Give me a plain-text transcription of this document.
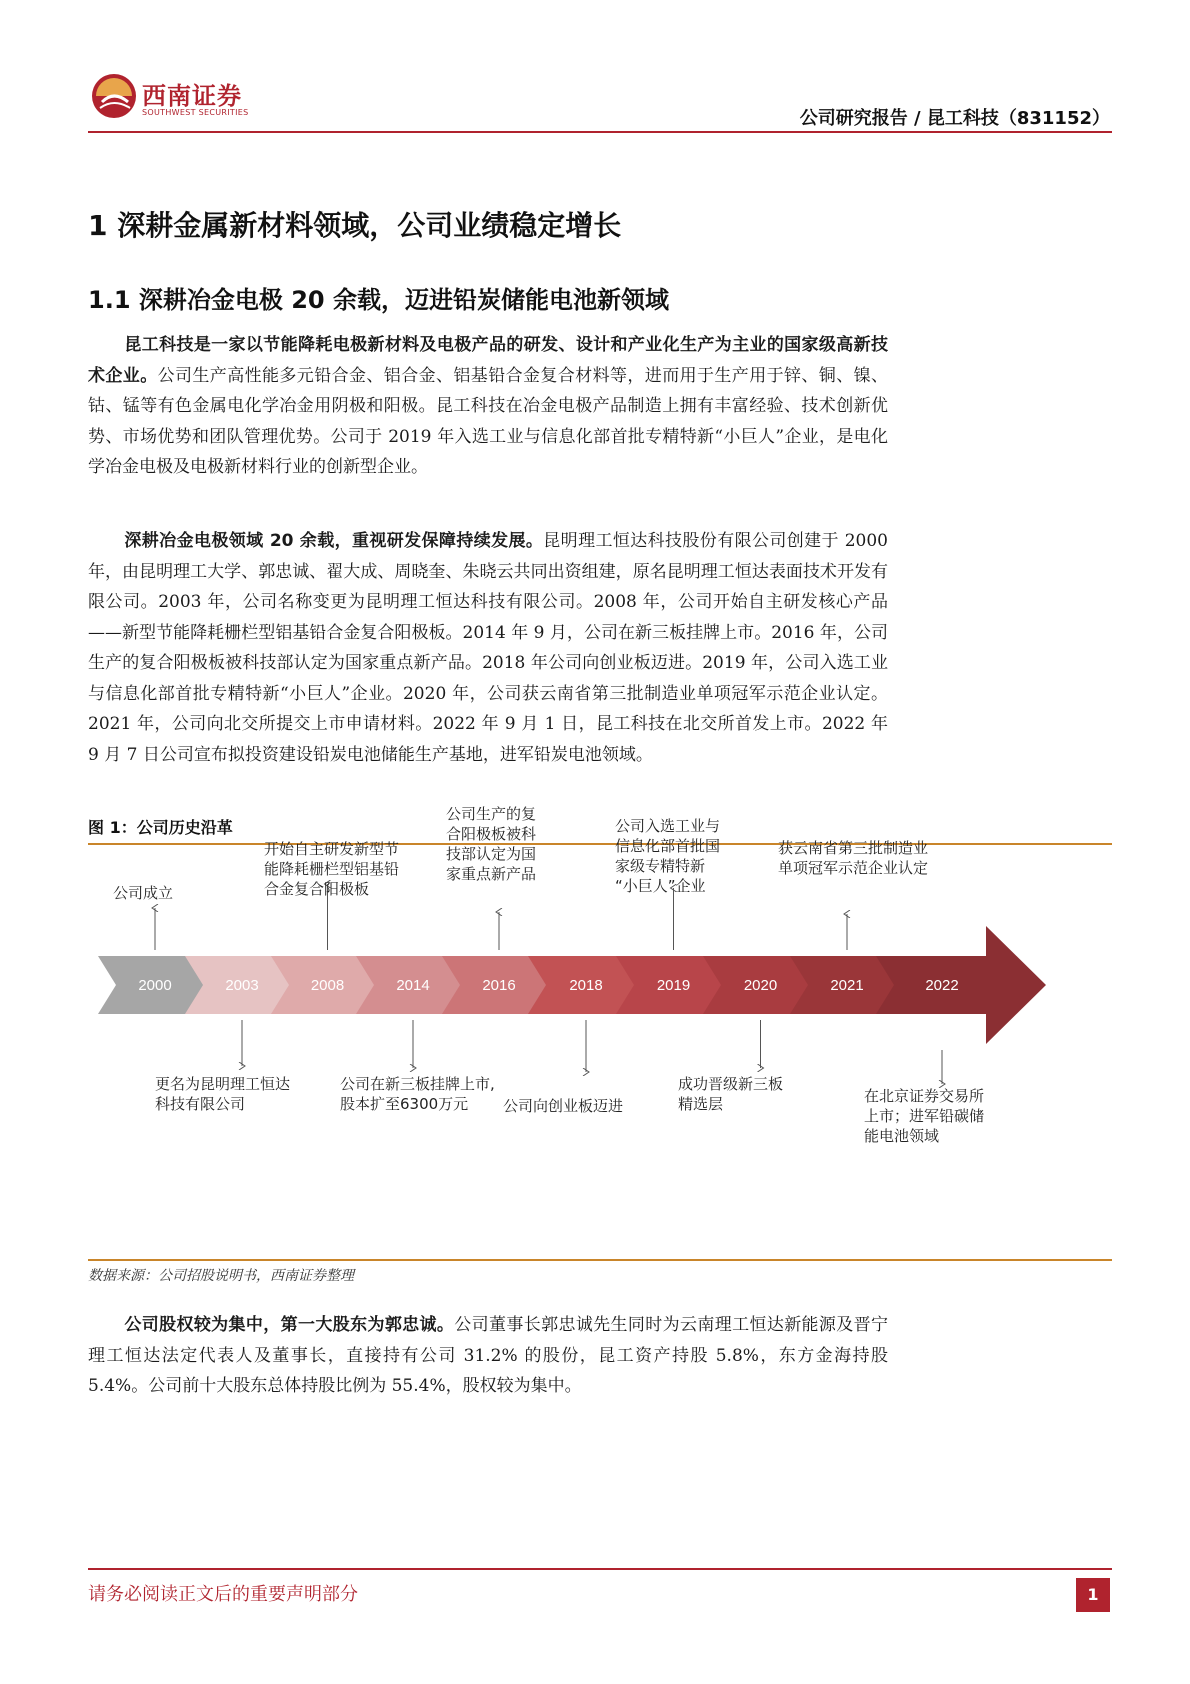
西南证券
SOUTHWEST SECURITIES	公司研究报告 / 昆工科技（831152）
1 深耕金属新材料领域，公司业绩稳定增长
1.1 深耕冶金电极 20 余载，迈进铅炭储能电池新领域
昆工科技是一家以节能降耗电极新材料及电极产品的研发、设计和产业化生产为主业的国家级高新技术企业。公司生产高性能多元铅合金、铝合金、铝基铅合金复合材料等，进而用于生产用于锌、铜、镍、钴、锰等有色金属电化学冶金用阴极和阳极。昆工科技在冶金电极产品制造上拥有丰富经验、技术创新优势、市场优势和团队管理优势。公司于 2019 年入选工业与信息化部首批专精特新“小巨人”企业，是电化学冶金电极及电极新材料行业的创新型企业。
深耕冶金电极领域 20 余载，重视研发保障持续发展。昆明理工恒达科技股份有限公司创建于 2000 年，由昆明理工大学、郭忠诚、翟大成、周晓奎、朱晓云共同出资组建，原名昆明理工恒达表面技术开发有限公司。2003 年，公司名称变更为昆明理工恒达科技有限公司。2008 年，公司开始自主研发核心产品——新型节能降耗栅栏型铝基铅合金复合阳极板。2014 年 9 月，公司在新三板挂牌上市。2016 年，公司生产的复合阳极板被科技部认定为国家重点新产品。2018 年公司向创业板迈进。2019 年，公司入选工业与信息化部首批专精特新“小巨人”企业。2020 年，公司获云南省第三批制造业单项冠军示范企业认定。2021 年，公司向北交所提交上市申请材料。2022 年 9 月 1 日，昆工科技在北交所首发上市。2022 年 9 月 7 日公司宣布拟投资建设铅炭电池储能生产基地，进军铅炭电池领域。
图 1：公司历史沿革
2000	2003	2008	2014	2016	2018	2019	2020	2021	2022
公司成立
开始自主研发新型节
能降耗栅栏型铝基铅
合金复合阳极板
公司生产的复
合阳极板被科
技部认定为国
家重点新产品
公司入选工业与
信息化部首批国
家级专精特新
“小巨人”企业
获云南省第三批制造业
单项冠军示范企业认定
更名为昆明理工恒达
科技有限公司
公司在新三板挂牌上市,
股本扩至6300万元 公司向创业板迈进
成功晋级新三板
精选层	在北京证券交易所
上市；进军铅碳储
能电池领域
数据来源：公司招股说明书，西南证券整理
公司股权较为集中，第一大股东为郭忠诚。公司董事长郭忠诚先生同时为云南理工恒达新能源及晋宁理工恒达法定代表人及董事长，直接持有公司 31.2% 的股份，昆工资产持股 5.8%，东方金海持股 5.4%。公司前十大股东总体持股比例为 55.4%，股权较为集中。
请务必阅读正文后的重要声明部分	1
